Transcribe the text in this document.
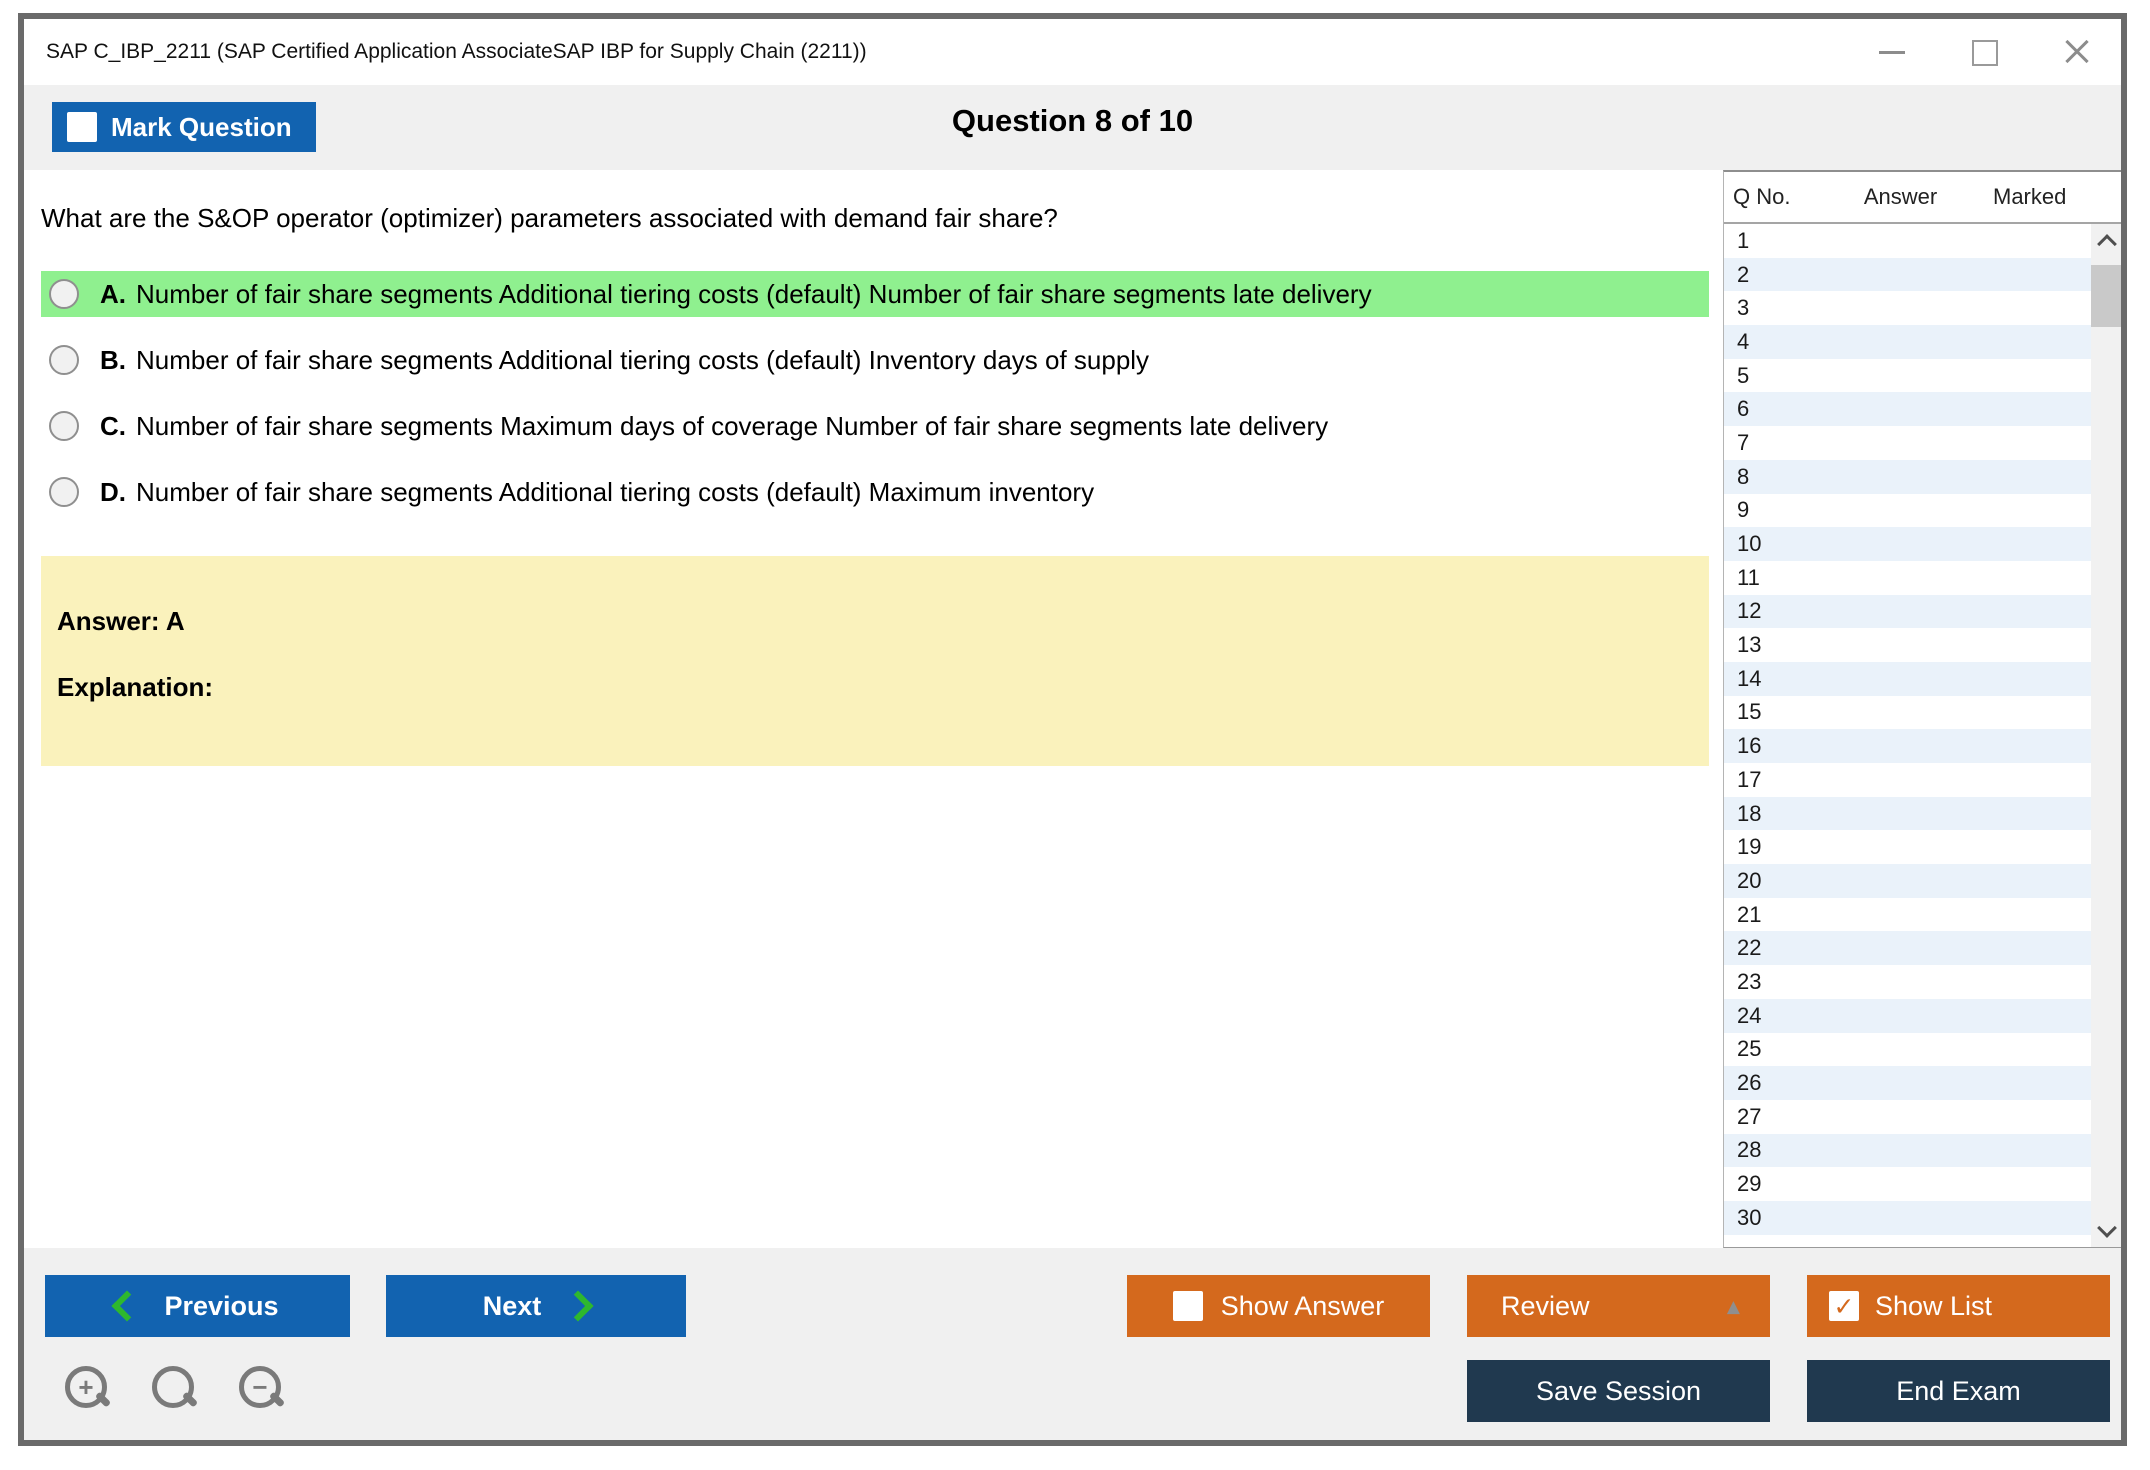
SAP C_IBP_2211 (SAP Certified Application AssociateSAP IBP for Supply Chain (2211))
Mark Question	Question 8 of 10
What are the S&OP operator (optimizer) parameters associated with demand fair share?
A. Number of fair share segments Additional tiering costs (default) Number of fair share segments late delivery
B. Number of fair share segments Additional tiering costs (default) Inventory days of supply
C. Number of fair share segments Maximum days of coverage Number of fair share segments late delivery
D. Number of fair share segments Additional tiering costs (default) Maximum inventory

Answer: A

Explanation:

Q No.	Answer	Marked
1
2
3
4
5
6
7
8
9
10
11
12
13
14
15
16
17
18
19
20
21
22
23
24
25
26
27
28
29
30
Previous	Next	Show Answer	Review	▲	✓ Show List
Save Session	End Exam
+	−
